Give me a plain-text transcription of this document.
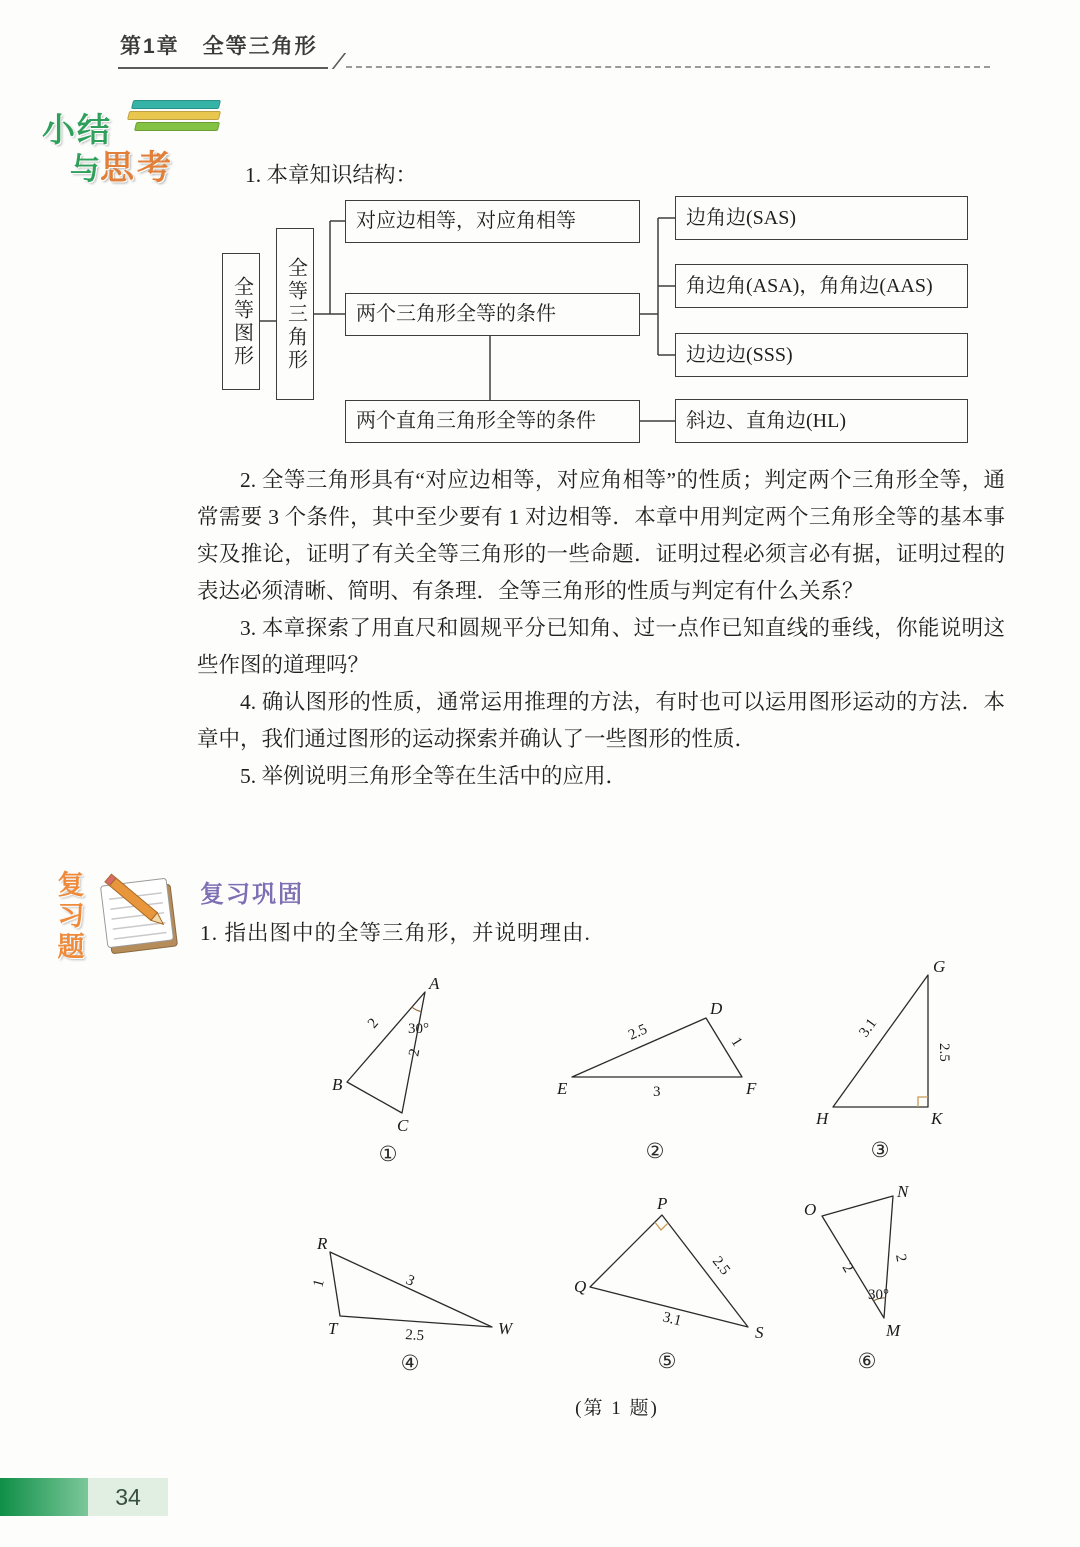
第1章　全等三角形
小结
与思考	1. 本章知识结构：
全等图形	全等三角形
对应边相等，对应角相等
两个三角形全等的条件
两个直角三角形全等的条件
边角边(SAS)
角边角(ASA)，角角边(AAS)
边边边(SSS)
斜边、直角边(HL)

2. 全等三角形具有“对应边相等，对应角相等”的性质；判定两个三角形全等，通常需要 3 个条件，其中至少要有 1 对边相等．本章中用判定两个三角形全等的基本事实及推论，证明了有关全等三角形的一些命题．证明过程必须言必有据，证明过程的表达必须清晰、简明、有条理．全等三角形的性质与判定有什么关系？

3. 本章探索了用直尺和圆规平分已知角、过一点作已知直线的垂线，你能说明这些作图的道理吗？

4. 确认图形的性质，通常运用推理的方法，有时也可以运用图形运动的方法．本章中，我们通过图形的运动探索并确认了一些图形的性质．

5. 举例说明三角形全等在生活中的应用．

复
习
题
复习巩固
1. 指出图中的全等三角形，并说明理由.
A
B
C
2 30°
2
①
D
E	F
2.5	1
3
②
G
H	K
3.1
2.5
③
R
T	W
1	3
2.5
④
P
Q
S
2.5
3.1
⑤
O
N
M
2
2
30°
⑥
(第 1 题)
34
